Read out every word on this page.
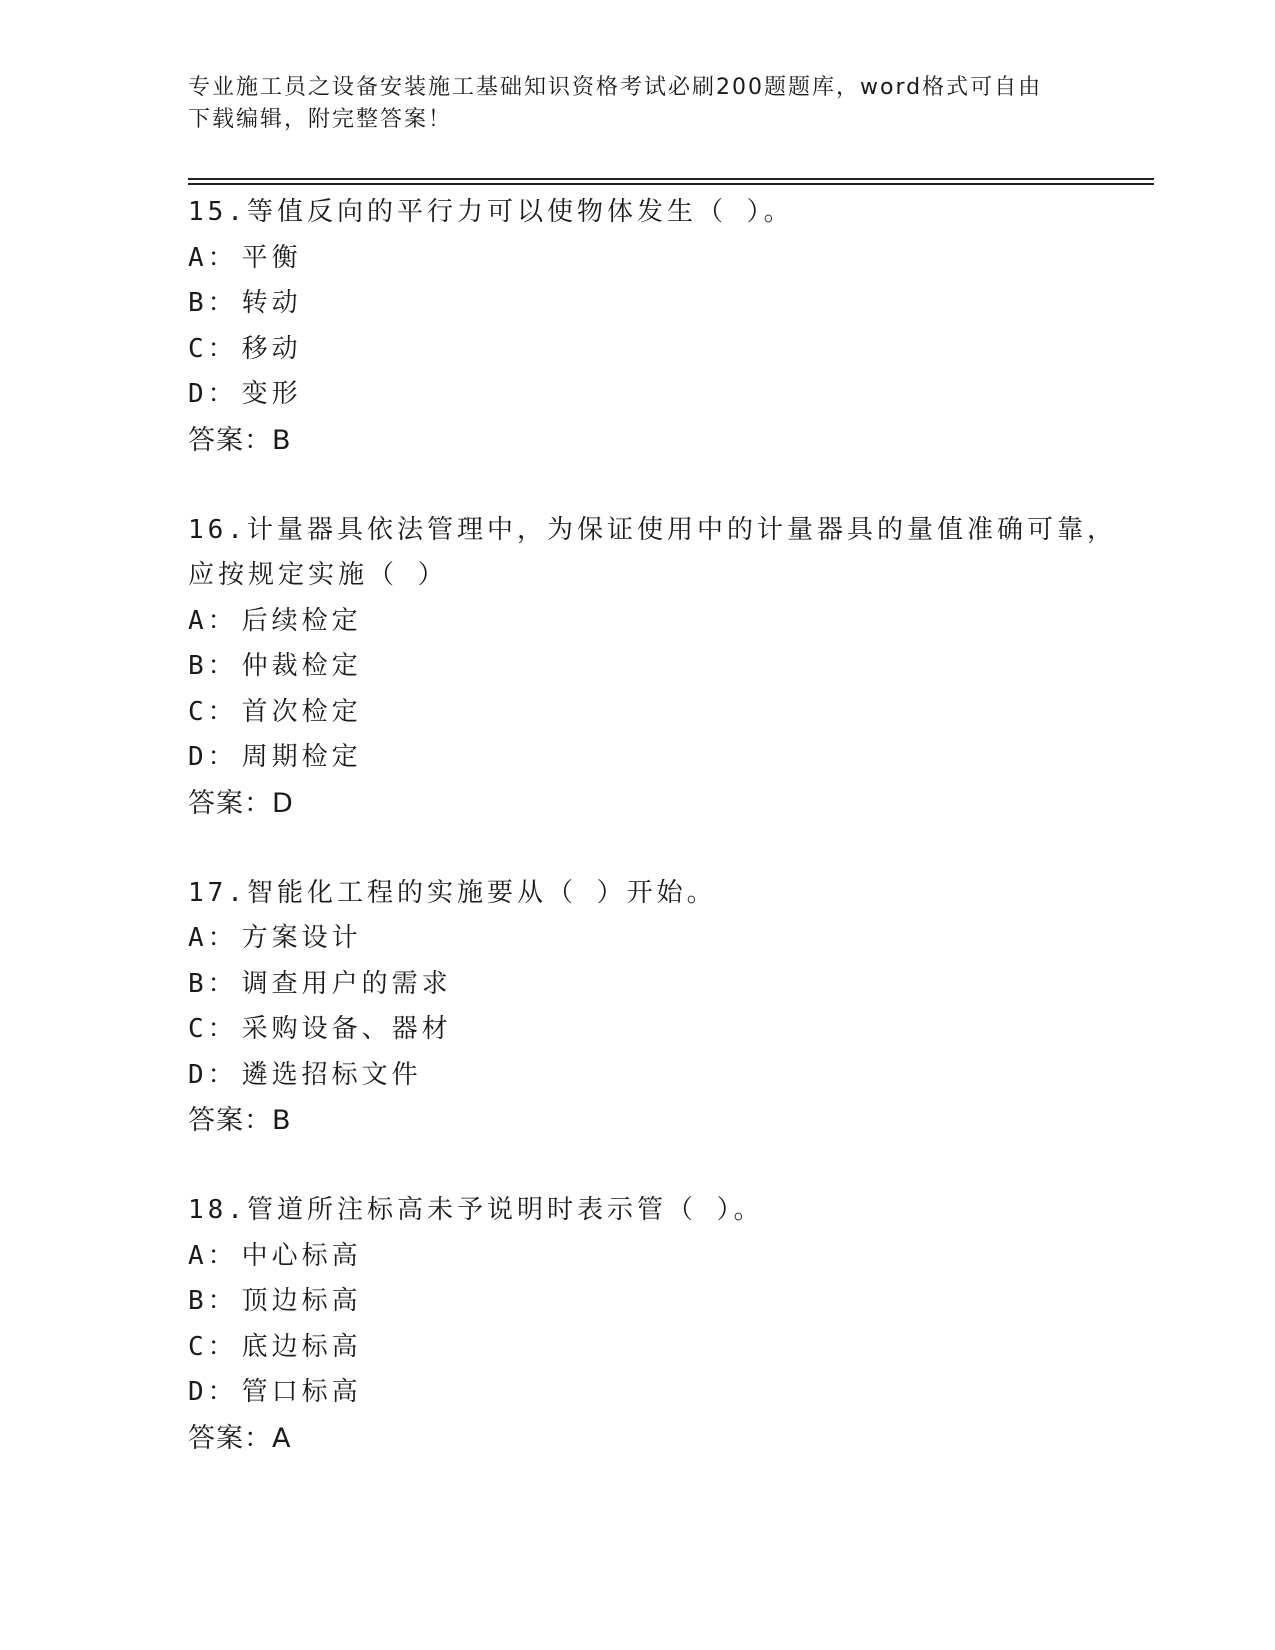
专业施工员之设备安装施工基础知识资格考试必刷200题题库，word格式可自由
下载编辑，附完整答案！

15.等值反向的平行力可以使物体发生（ ）。

A： 平衡

B： 转动

C： 移动

D： 变形

答案：B

16.计量器具依法管理中，为保证使用中的计量器具的量值准确可靠，

应按规定实施（ ）

A： 后续检定

B： 仲裁检定

C： 首次检定

D： 周期检定

答案：D

17.智能化工程的实施要从（ ）开始。

A： 方案设计

B： 调查用户的需求

C： 采购设备、器材

D： 遴选招标文件

答案：B

18.管道所注标高未予说明时表示管（ ）。

A： 中心标高

B： 顶边标高

C： 底边标高

D： 管口标高

答案：A
